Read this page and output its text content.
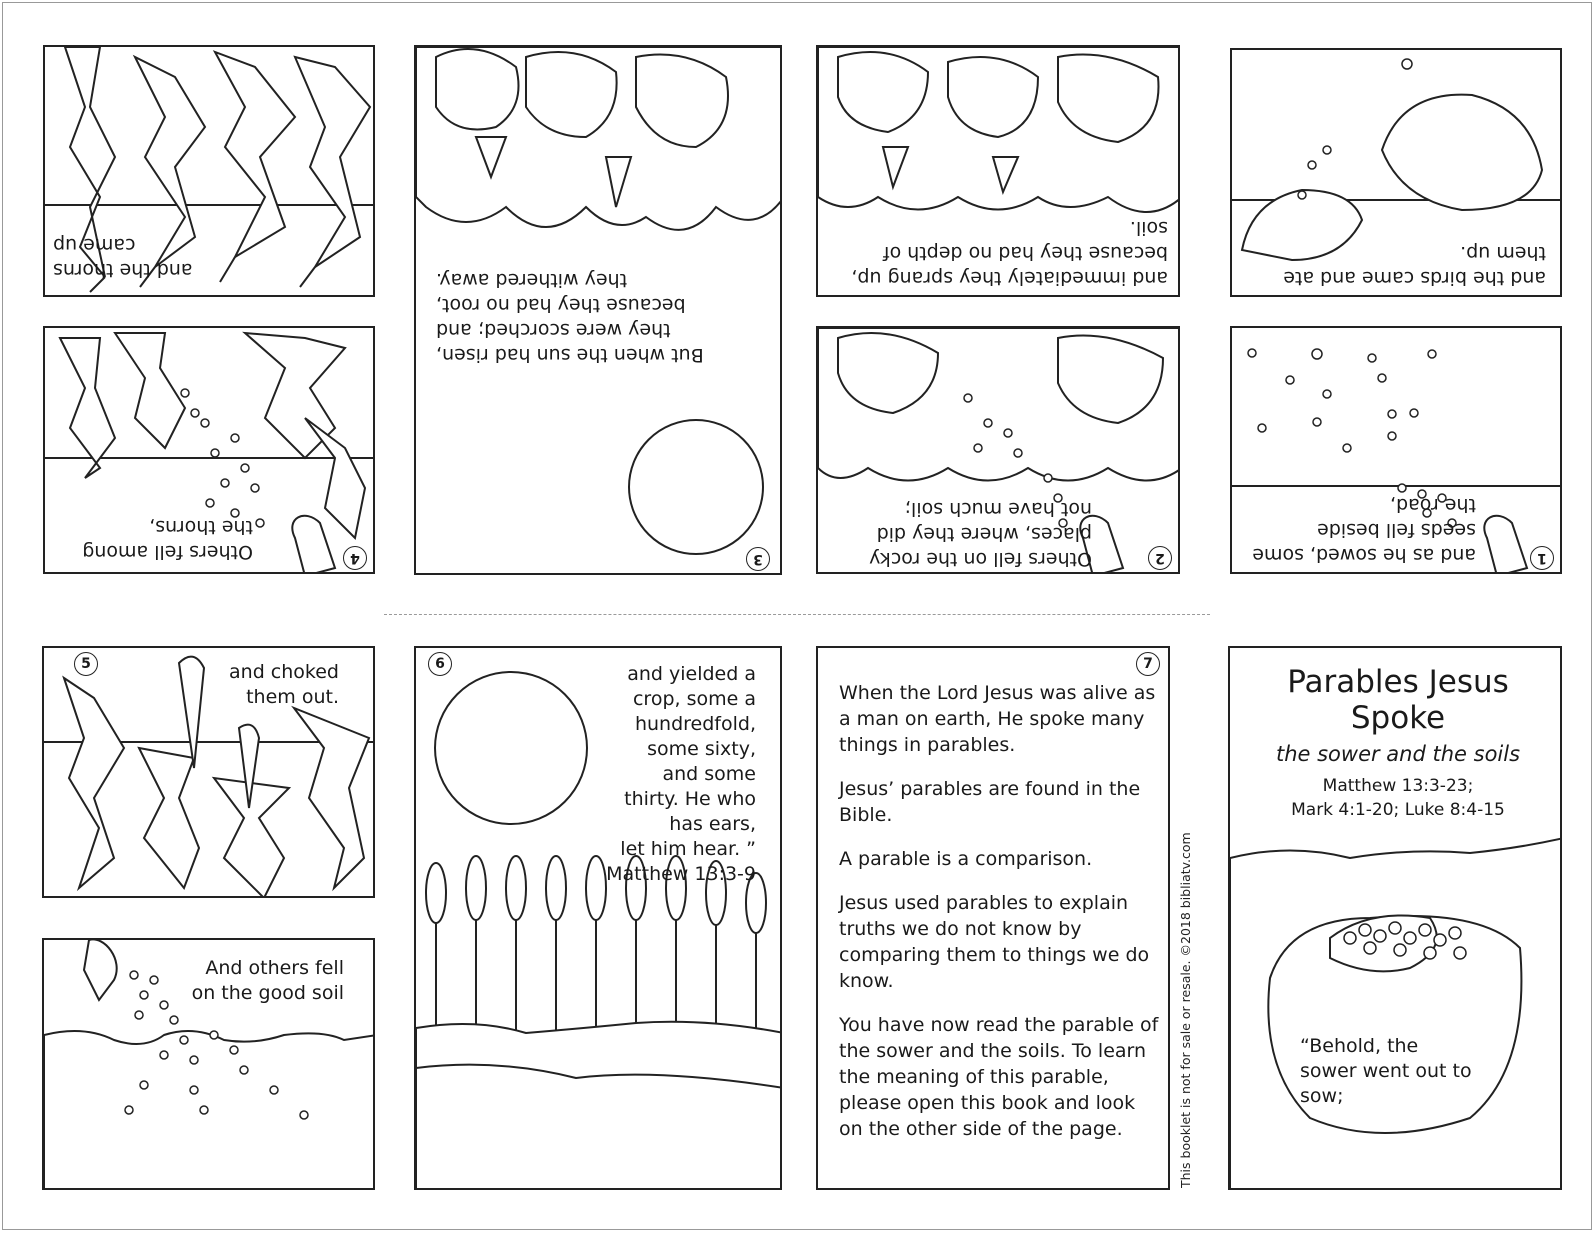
and the thorns
came up
4
Others fell among
the thorns,
3
But when the sun had risen,
they were scorched; and
because they had no root,
they withered away.	and immediately they sprang up,
because they had no depth of
soil.
2
Others fell on the rocky
places, where they did
not have much soil;
and the birds came and ate
them up.
1
and as he sowed, some
seeds fell beside
the road,
5	and choked
them out.
And others fell
on the good soil
6	and yielded a
crop, some a
hundredfold,
some sixty,
and some
thirty. He who
has ears,
let him hear. ”
Matthew 13:3-9
7

When the Lord Jesus was alive as a man on earth, He spoke many things in parables.

Jesus’ parables are found in the Bible.

A parable is a comparison.

Jesus used parables to explain truths we do not know by comparing them to things we do know.

You have now read the parable of the sower and the soils. To learn the meaning of this parable, please open this book and look on the other side of the page.	This booklet is not for sale or resale. ©2018 bibliatv.com
Parables Jesus
Spoke
the sower and the soils
Matthew 13:3-23;
Mark 4:1-20; Luke 8:4-15
“Behold, the
sower went out to
sow;
